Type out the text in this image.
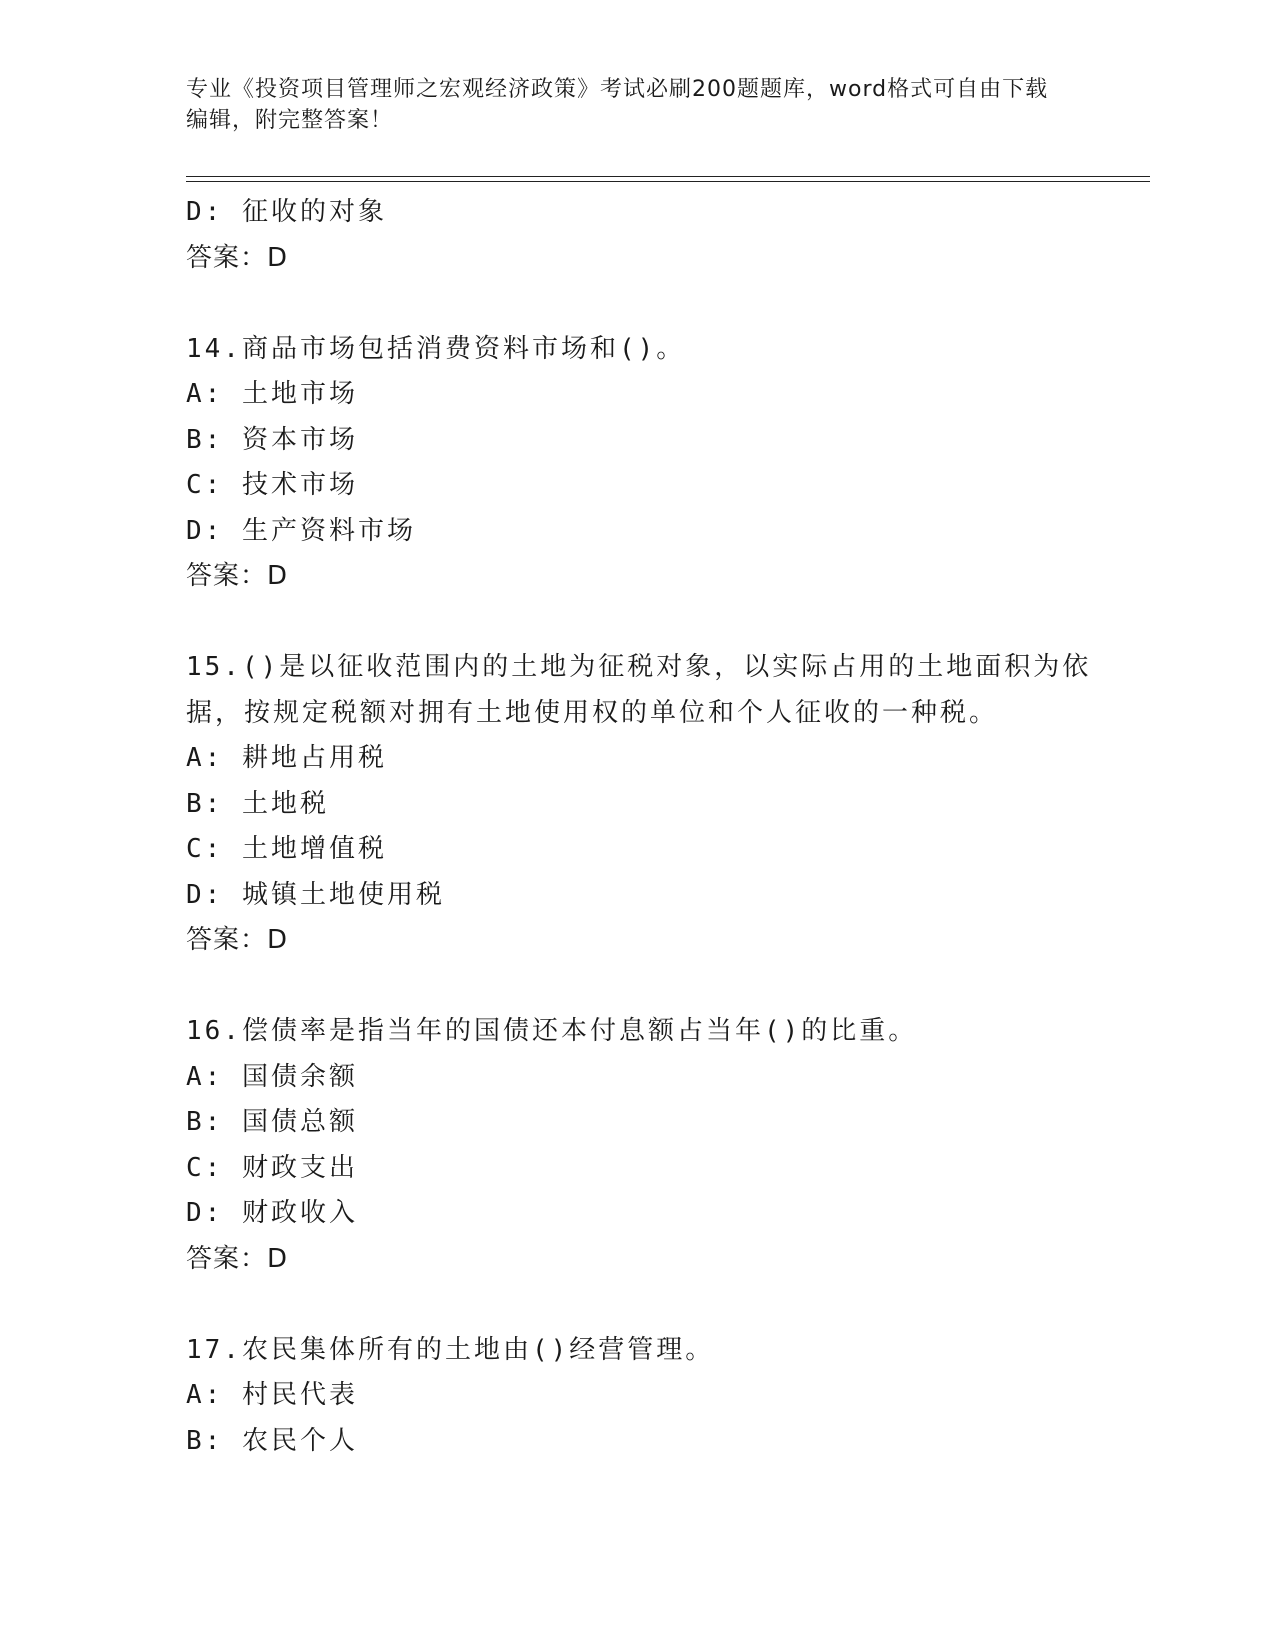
专业《投资项目管理师之宏观经济政策》考试必刷200题题库，word格式可自由下载编辑，附完整答案！
D: 征收的对象
答案：D
14.商品市场包括消费资料市场和()。
A: 土地市场
B: 资本市场
C: 技术市场
D: 生产资料市场
答案：D
15.()是以征收范围内的土地为征税对象，以实际占用的土地面积为依
据，按规定税额对拥有土地使用权的单位和个人征收的一种税。
A: 耕地占用税
B: 土地税
C: 土地增值税
D: 城镇土地使用税
答案：D
16.偿债率是指当年的国债还本付息额占当年()的比重。
A: 国债余额
B: 国债总额
C: 财政支出
D: 财政收入
答案：D
17.农民集体所有的土地由()经营管理。
A: 村民代表
B: 农民个人
